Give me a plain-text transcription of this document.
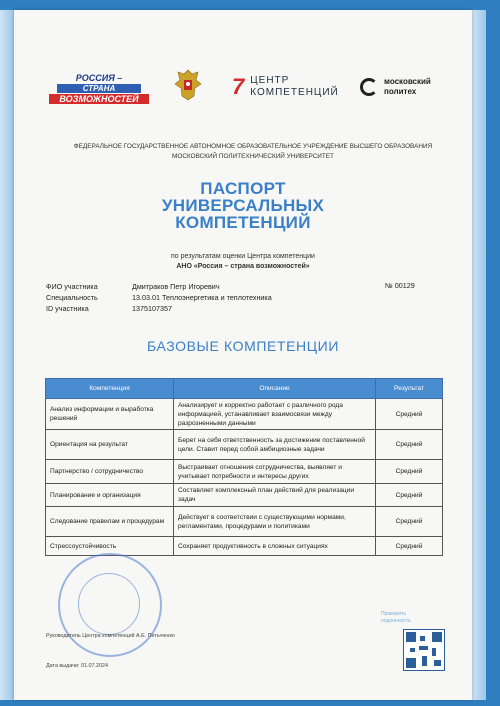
РОССИЯ –
СТРАНА
ВОЗМОЖНОСТЕЙ	7 ЦЕНТР
КОМПЕТЕНЦИЙ
московский
политех
ФЕДЕРАЛЬНОЕ ГОСУДАРСТВЕННОЕ АВТОНОМНОЕ ОБРАЗОВАТЕЛЬНОЕ УЧРЕЖДЕНИЕ ВЫСШЕГО ОБРАЗОВАНИЯ
МОСКОВСКИЙ ПОЛИТЕХНИЧЕСКИЙ УНИВЕРСИТЕТ
ПАСПОРТ
УНИВЕРСАЛЬНЫХ
КОМПЕТЕНЦИЙ
по результатам оценки Центра компетенции
АНО «Россия – страна возможностей»
ФИО участника	Дмитраков Петр Игоревич
Специальность	13.03.01 Теплоэнергетика и теплотехника
ID участника	1375107357
№ 00129
БАЗОВЫЕ КОМПЕТЕНЦИИ
Компетенция	Описание	Результат
Анализ информации и выработка решений	Анализирует и корректно работает с различного рода информацией, устанавливает взаимосвязи между разрозненными данными	Средний
Ориентация на результат	Берет на себя ответственность за достижение поставленной цели. Ставит перед собой амбициозные задачи	Средний
Партнерство / сотрудничество	Выстраивает отношения сотрудничества, выявляет и учитывает потребности и интересы других	Средний
Планирование и организация	Составляет комплексный план действий для реализации задач	Средний
Следование правилам и процедурам	Действует в соответствии с существующими нормами, регламентами, процедурами и политиками	Средний
Стрессоустойчивость	Сохраняет продуктивность в сложных ситуациях	Средний
Руководитель Центра компетенций А.Е. Петыченко
Дата выдачи: 01.07.2024
Проверить
подлинность
